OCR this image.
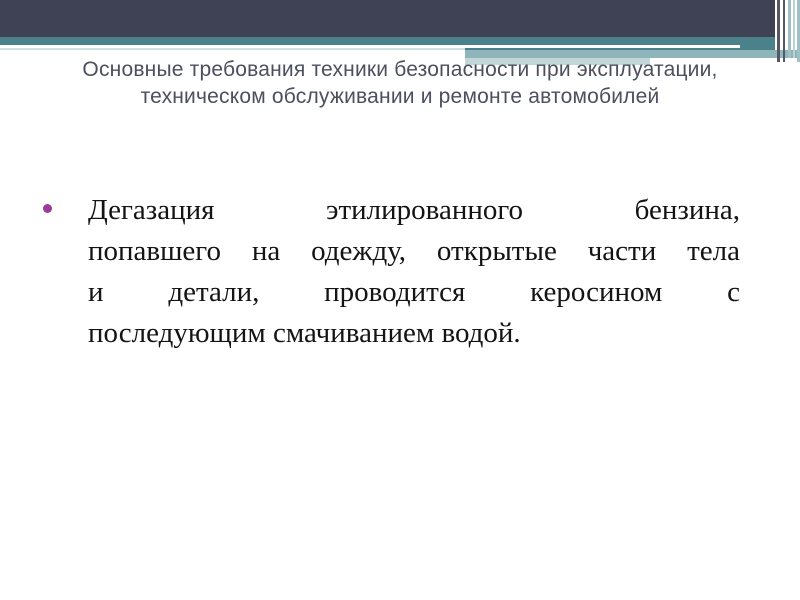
Основные требования техники безопасности при эксплуатации,
техническом обслуживании и ремонте автомобилей
Дегазация этилированного бензина,
попавшего на одежду, открытые части тела
и детали, проводится керосином с
последующим смачиванием водой.
